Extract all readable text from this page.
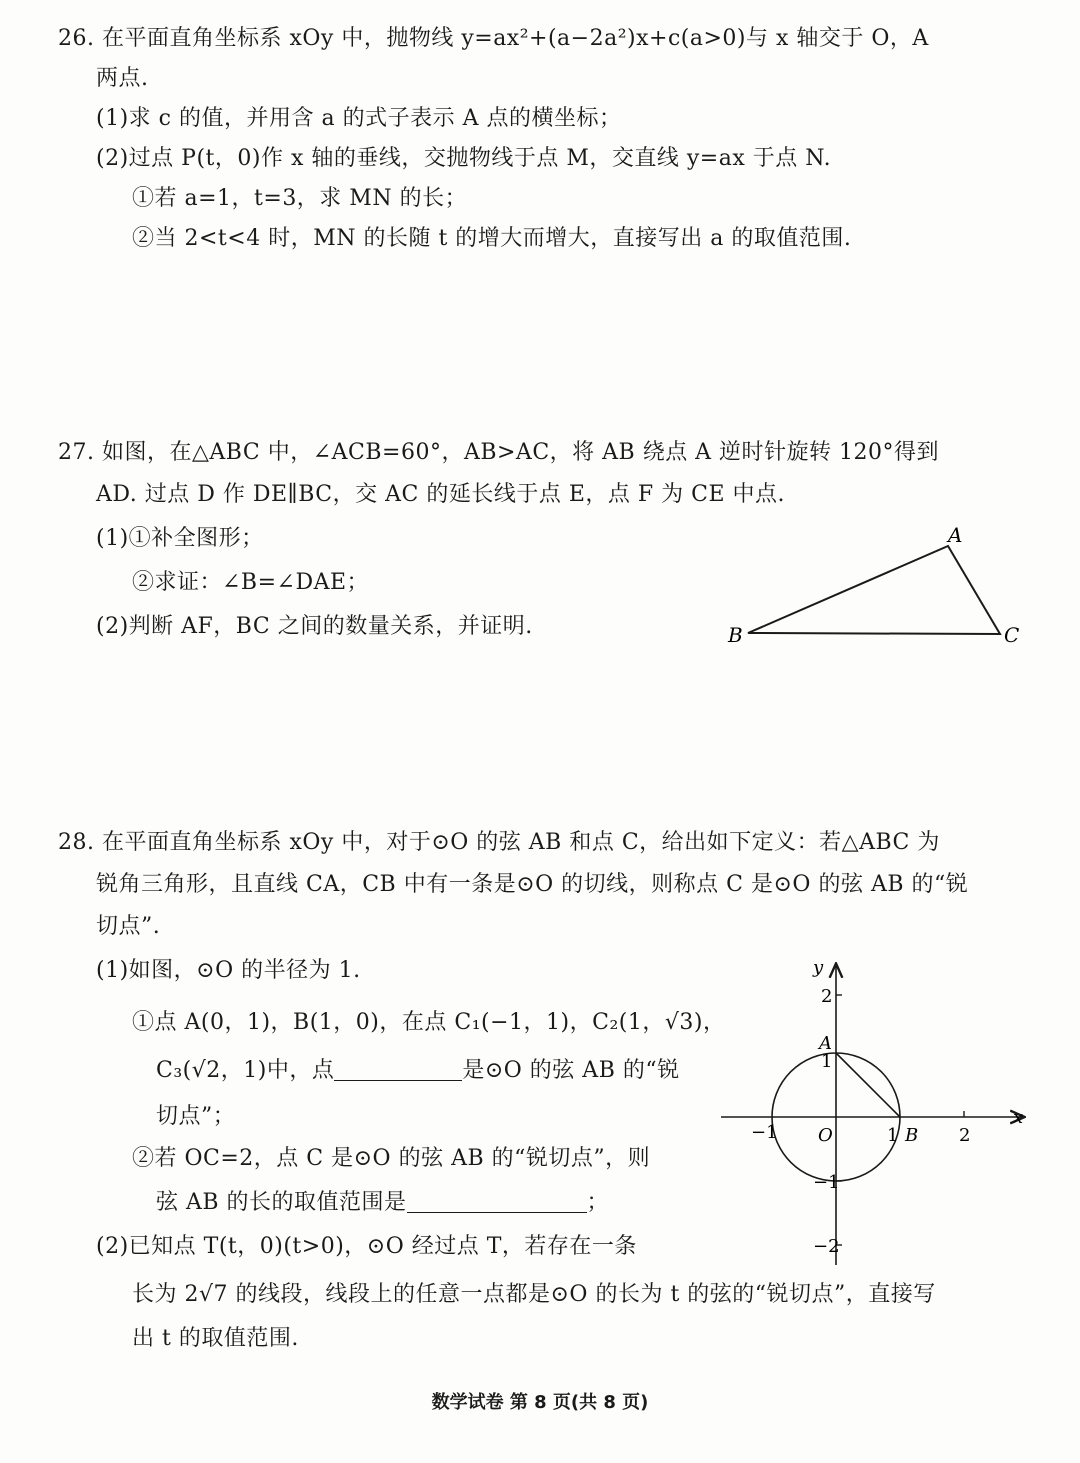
26. 在平面直角坐标系 xOy 中，抛物线 y=ax²+(a−2a²)x+c(a>0)与 x 轴交于 O，A
两点.
(1)求 c 的值，并用含 a 的式子表示 A 点的横坐标；
(2)过点 P(t，0)作 x 轴的垂线，交抛物线于点 M，交直线 y=ax 于点 N.
①若 a=1，t=3，求 MN 的长；
②当 2<t<4 时，MN 的长随 t 的增大而增大，直接写出 a 的取值范围.
27. 如图，在△ABC 中，∠ACB=60°，AB>AC，将 AB 绕点 A 逆时针旋转 120°得到
AD. 过点 D 作 DE∥BC，交 AC 的延长线于点 E，点 F 为 CE 中点.
(1)①补全图形；
②求证：∠B=∠DAE；
(2)判断 AF，BC 之间的数量关系，并证明.
A
B	C
28. 在平面直角坐标系 xOy 中，对于⊙O 的弦 AB 和点 C，给出如下定义：若△ABC 为
锐角三角形，且直线 CA，CB 中有一条是⊙O 的切线，则称点 C 是⊙O 的弦 AB 的“锐
切点”.
(1)如图，⊙O 的半径为 1.
①点 A(0，1)，B(1，0)，在点 C₁(−1，1)，C₂(1，√3)，
C₃(√2，1)中，点	是⊙O 的弦 AB 的“锐
切点”；
②若 OC=2，点 C 是⊙O 的弦 AB 的“锐切点”，则
弦 AB 的长的取值范围是	；
(2)已知点 T(t，0)(t>0)，⊙O 经过点 T，若存在一条
长为 2√7 的线段，线段上的任意一点都是⊙O 的长为 t 的弦的“锐切点”，直接写
出 t 的取值范围.
y
x
O
A
B
2
1
−1
−2
−1	1	2
数学试卷 第 8 页(共 8 页)
